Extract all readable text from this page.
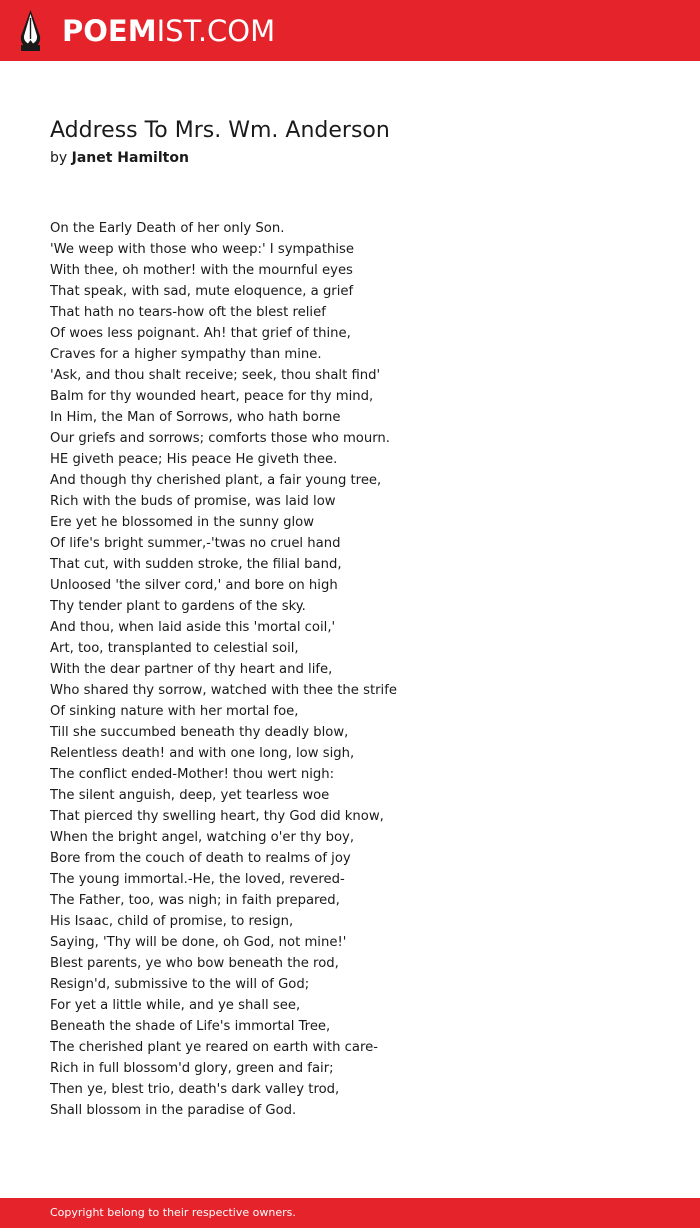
POEMIST.COM
Address To Mrs. Wm. Anderson
by Janet Hamilton
On the Early Death of her only Son.
'We weep with those who weep:' I sympathise
With thee, oh mother! with the mournful eyes
That speak, with sad, mute eloquence, a grief
That hath no tears-how oft the blest relief
Of woes less poignant. Ah! that grief of thine,
Craves for a higher sympathy than mine.
'Ask, and thou shalt receive; seek, thou shalt find'
Balm for thy wounded heart, peace for thy mind,
In Him, the Man of Sorrows, who hath borne
Our griefs and sorrows; comforts those who mourn.
HE giveth peace; His peace He giveth thee.
And though thy cherished plant, a fair young tree,
Rich with the buds of promise, was laid low
Ere yet he blossomed in the sunny glow
Of life's bright summer,-'twas no cruel hand
That cut, with sudden stroke, the filial band,
Unloosed 'the silver cord,' and bore on high
Thy tender plant to gardens of the sky.
And thou, when laid aside this 'mortal coil,'
Art, too, transplanted to celestial soil,
With the dear partner of thy heart and life,
Who shared thy sorrow, watched with thee the strife
Of sinking nature with her mortal foe,
Till she succumbed beneath thy deadly blow,
Relentless death! and with one long, low sigh,
The conflict ended-Mother! thou wert nigh:
The silent anguish, deep, yet tearless woe
That pierced thy swelling heart, thy God did know,
When the bright angel, watching o'er thy boy,
Bore from the couch of death to realms of joy
The young immortal.-He, the loved, revered-
The Father, too, was nigh; in faith prepared,
His Isaac, child of promise, to resign,
Saying, 'Thy will be done, oh God, not mine!'
Blest parents, ye who bow beneath the rod,
Resign'd, submissive to the will of God;
For yet a little while, and ye shall see,
Beneath the shade of Life's immortal Tree,
The cherished plant ye reared on earth with care-
Rich in full blossom'd glory, green and fair;
Then ye, blest trio, death's dark valley trod,
Shall blossom in the paradise of God.
Copyright belong to their respective owners.
